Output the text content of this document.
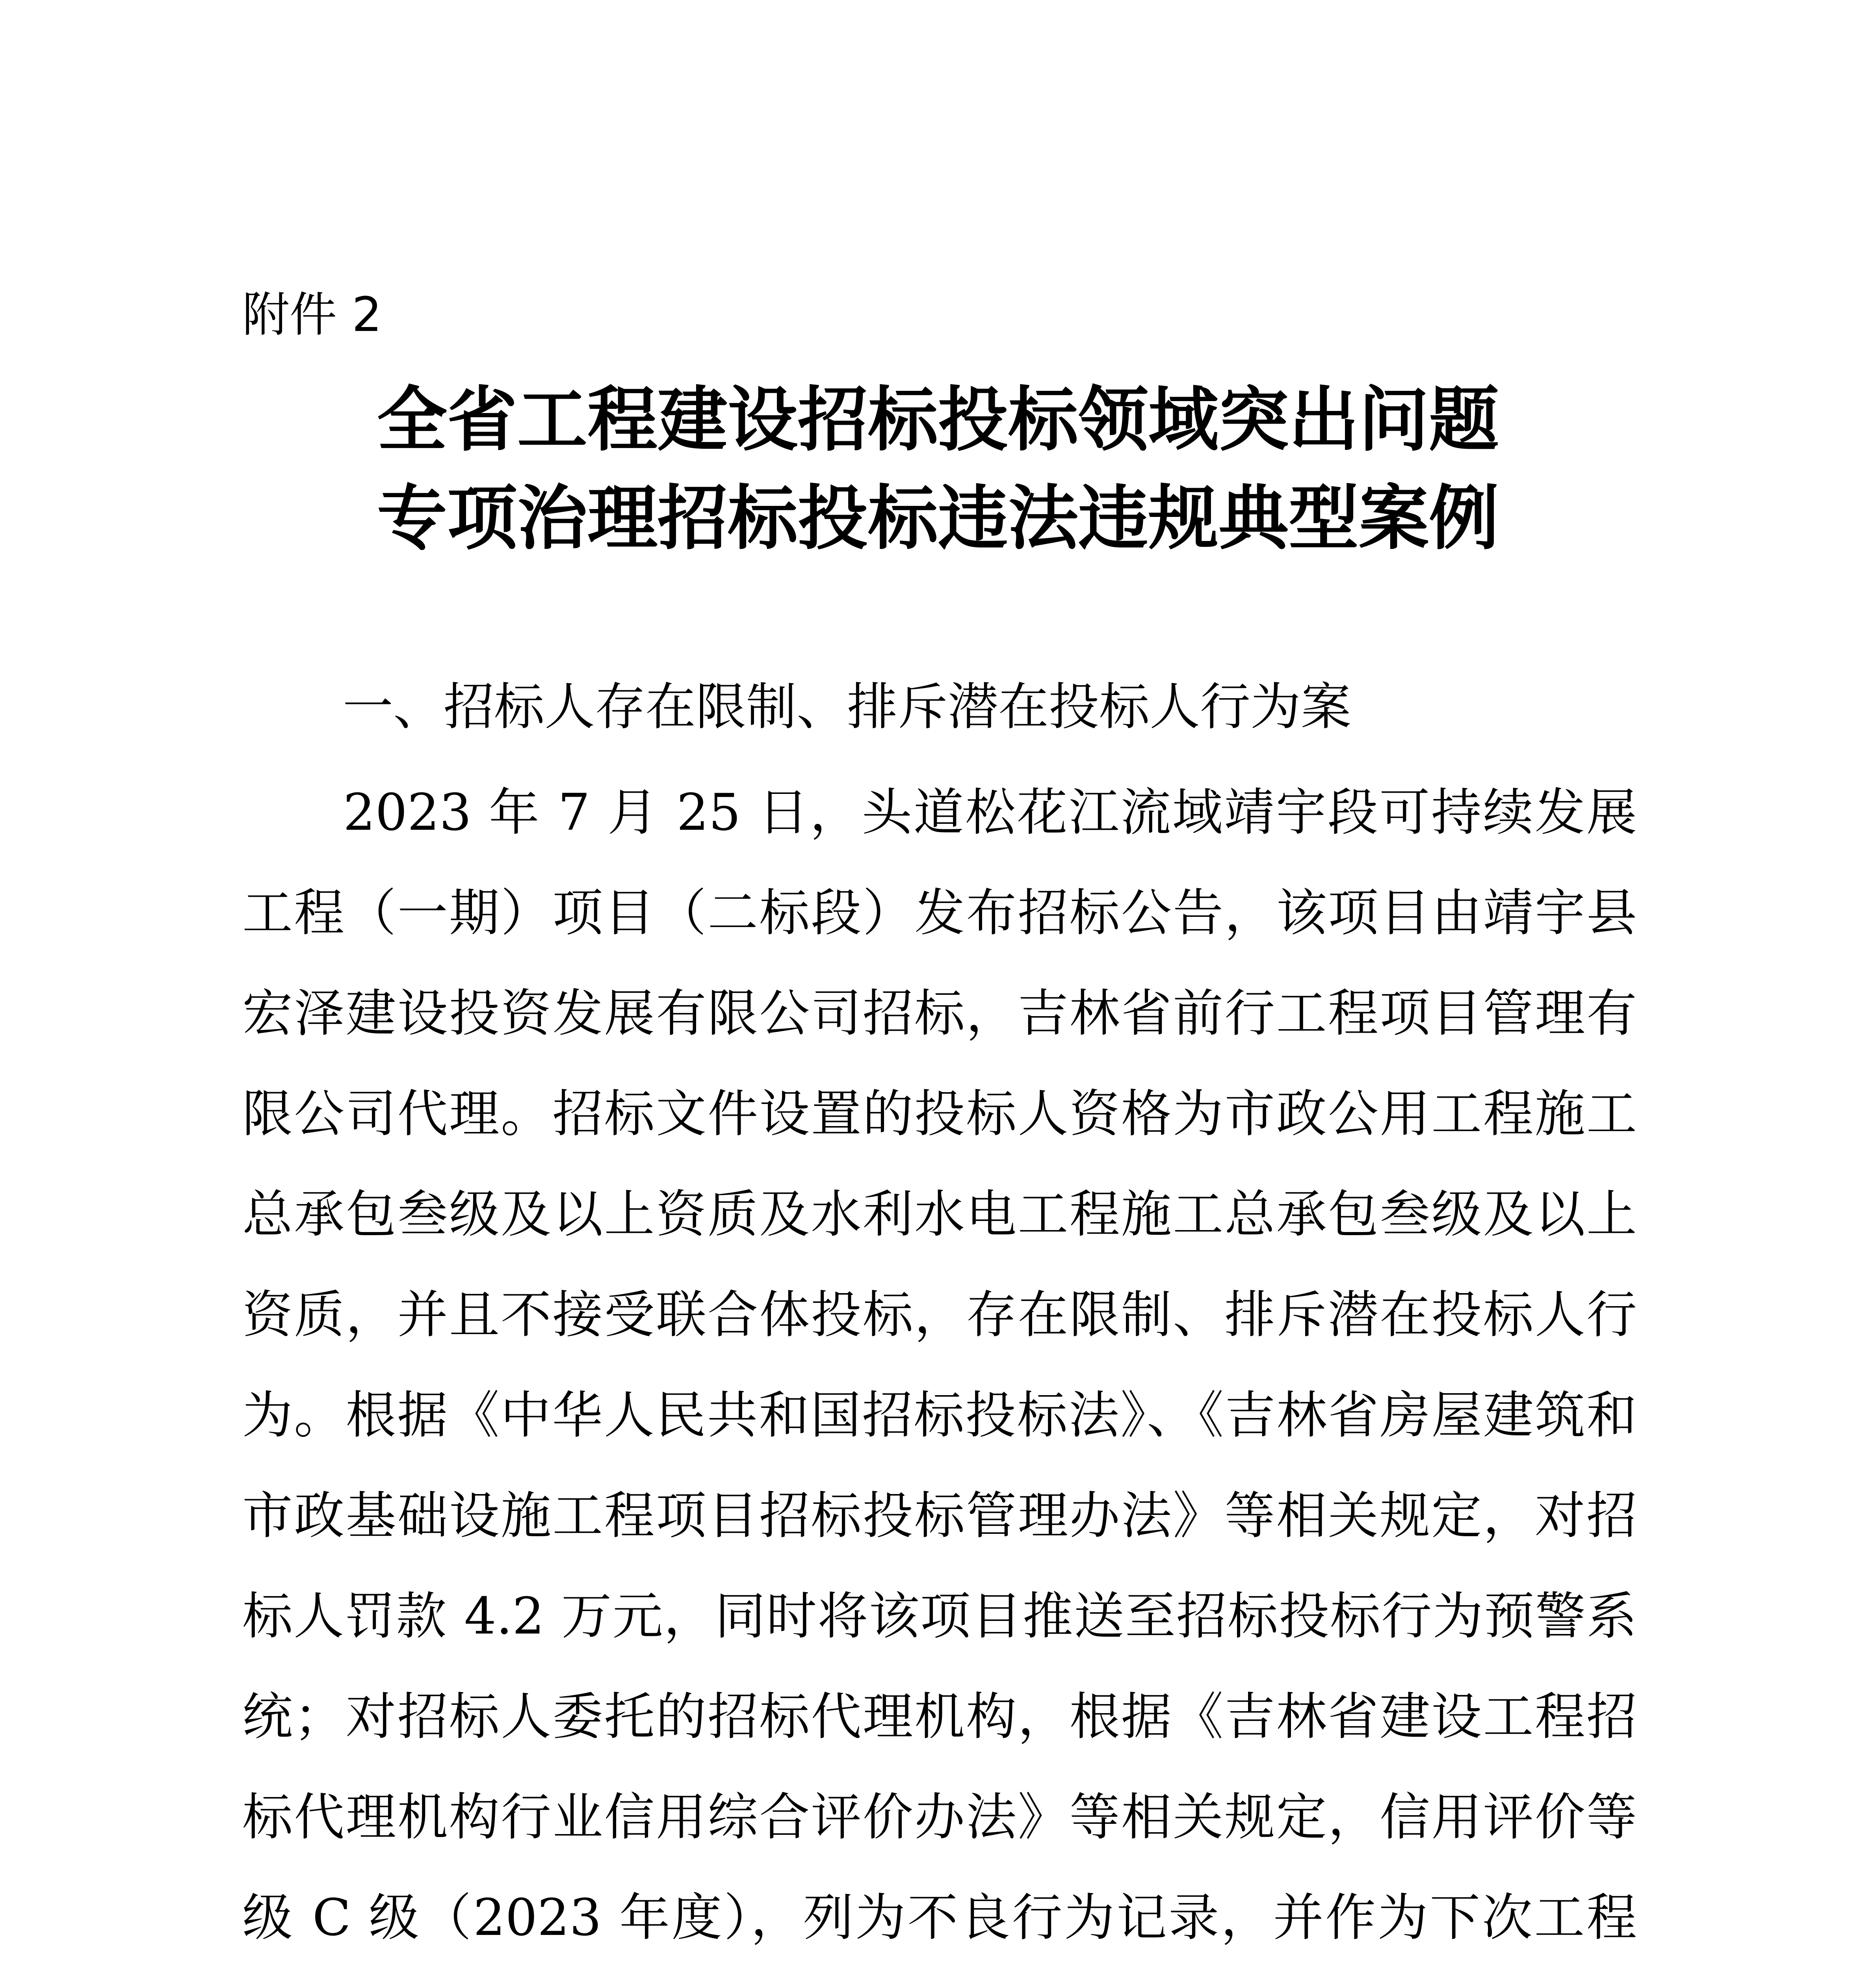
附件 2
全省工程建设招标投标领域突出问题
专项治理招标投标违法违规典型案例
一、招标人存在限制、排斥潜在投标人行为案
2023 年 7 月 25 日，头道松花江流域靖宇段可持续发展工程（一期）项目（二标段）发布招标公告，该项目由靖宇县宏泽建设投资发展有限公司招标，吉林省前行工程项目管理有限公司代理。招标文件设置的投标人资格为市政公用工程施工总承包叁级及以上资质及水利水电工程施工总承包叁级及以上资质，并且不接受联合体投标，存在限制、排斥潜在投标人行为。根据《中华人民共和国招标投标法》、《吉林省房屋建筑和市政基础设施工程项目招标投标管理办法》等相关规定，对招标人罚款 4.2 万元，同时将该项目推送至招标投标行为预警系统；对招标人委托的招标代理机构，根据《吉林省建设工程招标代理机构行业信用综合评价办法》等相关规定，信用评价等级 C 级（2023 年度），列为不良行为记录，并作为下次工程
